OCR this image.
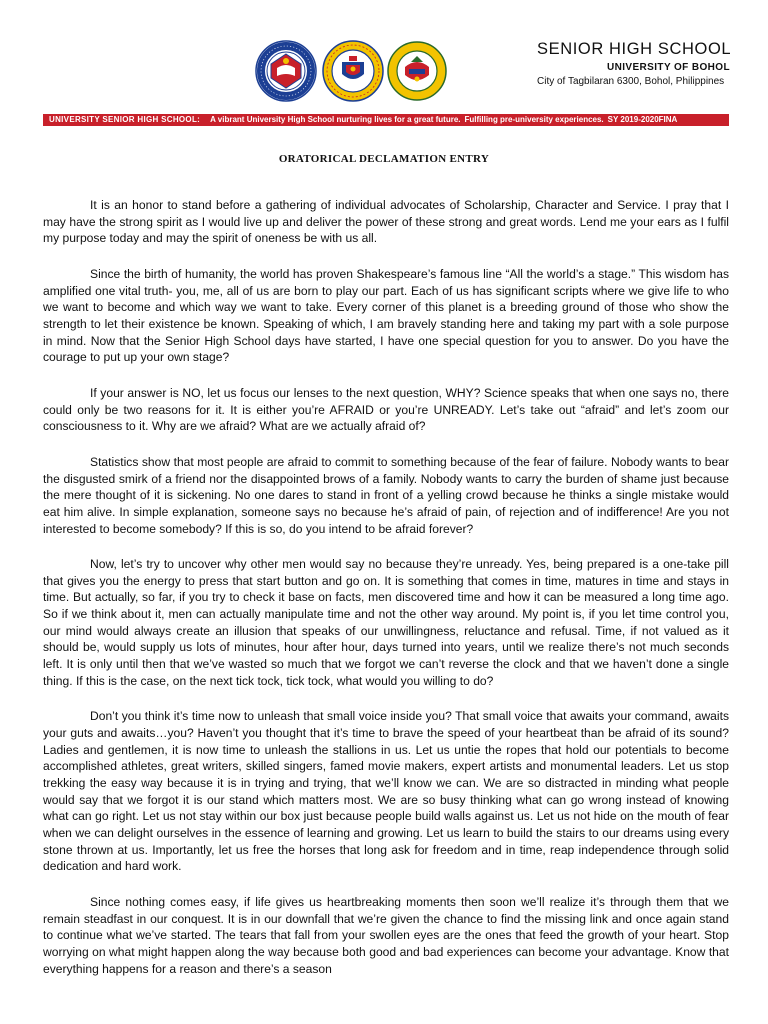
SENIOR HIGH SCHOOL
UNIVERSITY OF BOHOL
City of Tagbilaran 6300, Bohol, Philippines
UNIVERSITY SENIOR HIGH SCHOOL: A vibrant University High School nurturing lives for a great future. Fulfilling pre-university experiences. SY 2019-2020FINA
ORATORICAL DECLAMATION ENTRY

It is an honor to stand before a gathering of individual advocates of Scholarship, Character and Service. I pray that I may have the strong spirit as I would live up and deliver the power of these strong and great words. Lend me your ears as I fulfil my purpose today and may the spirit of oneness be with us all.

Since the birth of humanity, the world has proven Shakespeare’s famous line “All the world’s a stage.” This wisdom has amplified one vital truth- you, me, all of us are born to play our part. Each of us has significant scripts where we give life to who we want to become and which way we want to take. Every corner of this planet is a breeding ground of those who show the strength to let their existence be known. Speaking of which, I am bravely standing here and taking my part with a sole purpose in mind. Now that the Senior High School days have started, I have one special question for you to answer. Do you have the courage to put up your own stage?

If your answer is NO, let us focus our lenses to the next question, WHY? Science speaks that when one says no, there could only be two reasons for it. It is either you’re AFRAID or you’re UNREADY. Let’s take out “afraid” and let’s zoom our consciousness to it. Why are we afraid? What are we actually afraid of?

Statistics show that most people are afraid to commit to something because of the fear of failure. Nobody wants to bear the disgusted smirk of a friend nor the disappointed brows of a family. Nobody wants to carry the burden of shame just because the mere thought of it is sickening. No one dares to stand in front of a yelling crowd because he thinks a single mistake would eat him alive. In simple explanation, someone says no because he’s afraid of pain, of rejection and of indifference! Are you not interested to become somebody? If this is so, do you intend to be afraid forever?

Now, let’s try to uncover why other men would say no because they’re unready. Yes, being prepared is a one-take pill that gives you the energy to press that start button and go on. It is something that comes in time, matures in time and stays in time. But actually, so far, if you try to check it base on facts, men discovered time and how it can be measured a long time ago. So if we think about it, men can actually manipulate time and not the other way around. My point is, if you let time control you, our mind would always create an illusion that speaks of our unwillingness, reluctance and refusal. Time, if not valued as it should be, would supply us lots of minutes, hour after hour, days turned into years, until we realize there’s not much seconds left. It is only until then that we’ve wasted so much that we forgot we can’t reverse the clock and that we haven’t done a single thing. If this is the case, on the next tick tock, tick tock, what would you willing to do?

Don’t you think it’s time now to unleash that small voice inside you? That small voice that awaits your command, awaits your guts and awaits…you? Haven’t you thought that it’s time to brave the speed of your heartbeat than be afraid of its sound? Ladies and gentlemen, it is now time to unleash the stallions in us. Let us untie the ropes that hold our potentials to become accomplished athletes, great writers, skilled singers, famed movie makers, expert artists and monumental leaders. Let us stop trekking the easy way because it is in trying and trying, that we’ll know we can. We are so distracted in minding what people would say that we forgot it is our stand which matters most. We are so busy thinking what can go wrong instead of knowing what can go right. Let us not stay within our box just because people build walls against us. Let us not hide on the mouth of fear when we can delight ourselves in the essence of learning and growing. Let us learn to build the stairs to our dreams using every stone thrown at us. Importantly, let us free the horses that long ask for freedom and in time, reap independence through solid dedication and hard work.

Since nothing comes easy, if life gives us heartbreaking moments then soon we’ll realize it’s through them that we remain steadfast in our conquest. It is in our downfall that we’re given the chance to find the missing link and once again stand to continue what we’ve started. The tears that fall from your swollen eyes are the ones that feed the growth of your heart. Stop worrying on what might happen along the way because both good and bad experiences can become your advantage. Know that everything happens for a reason and there’s a season
